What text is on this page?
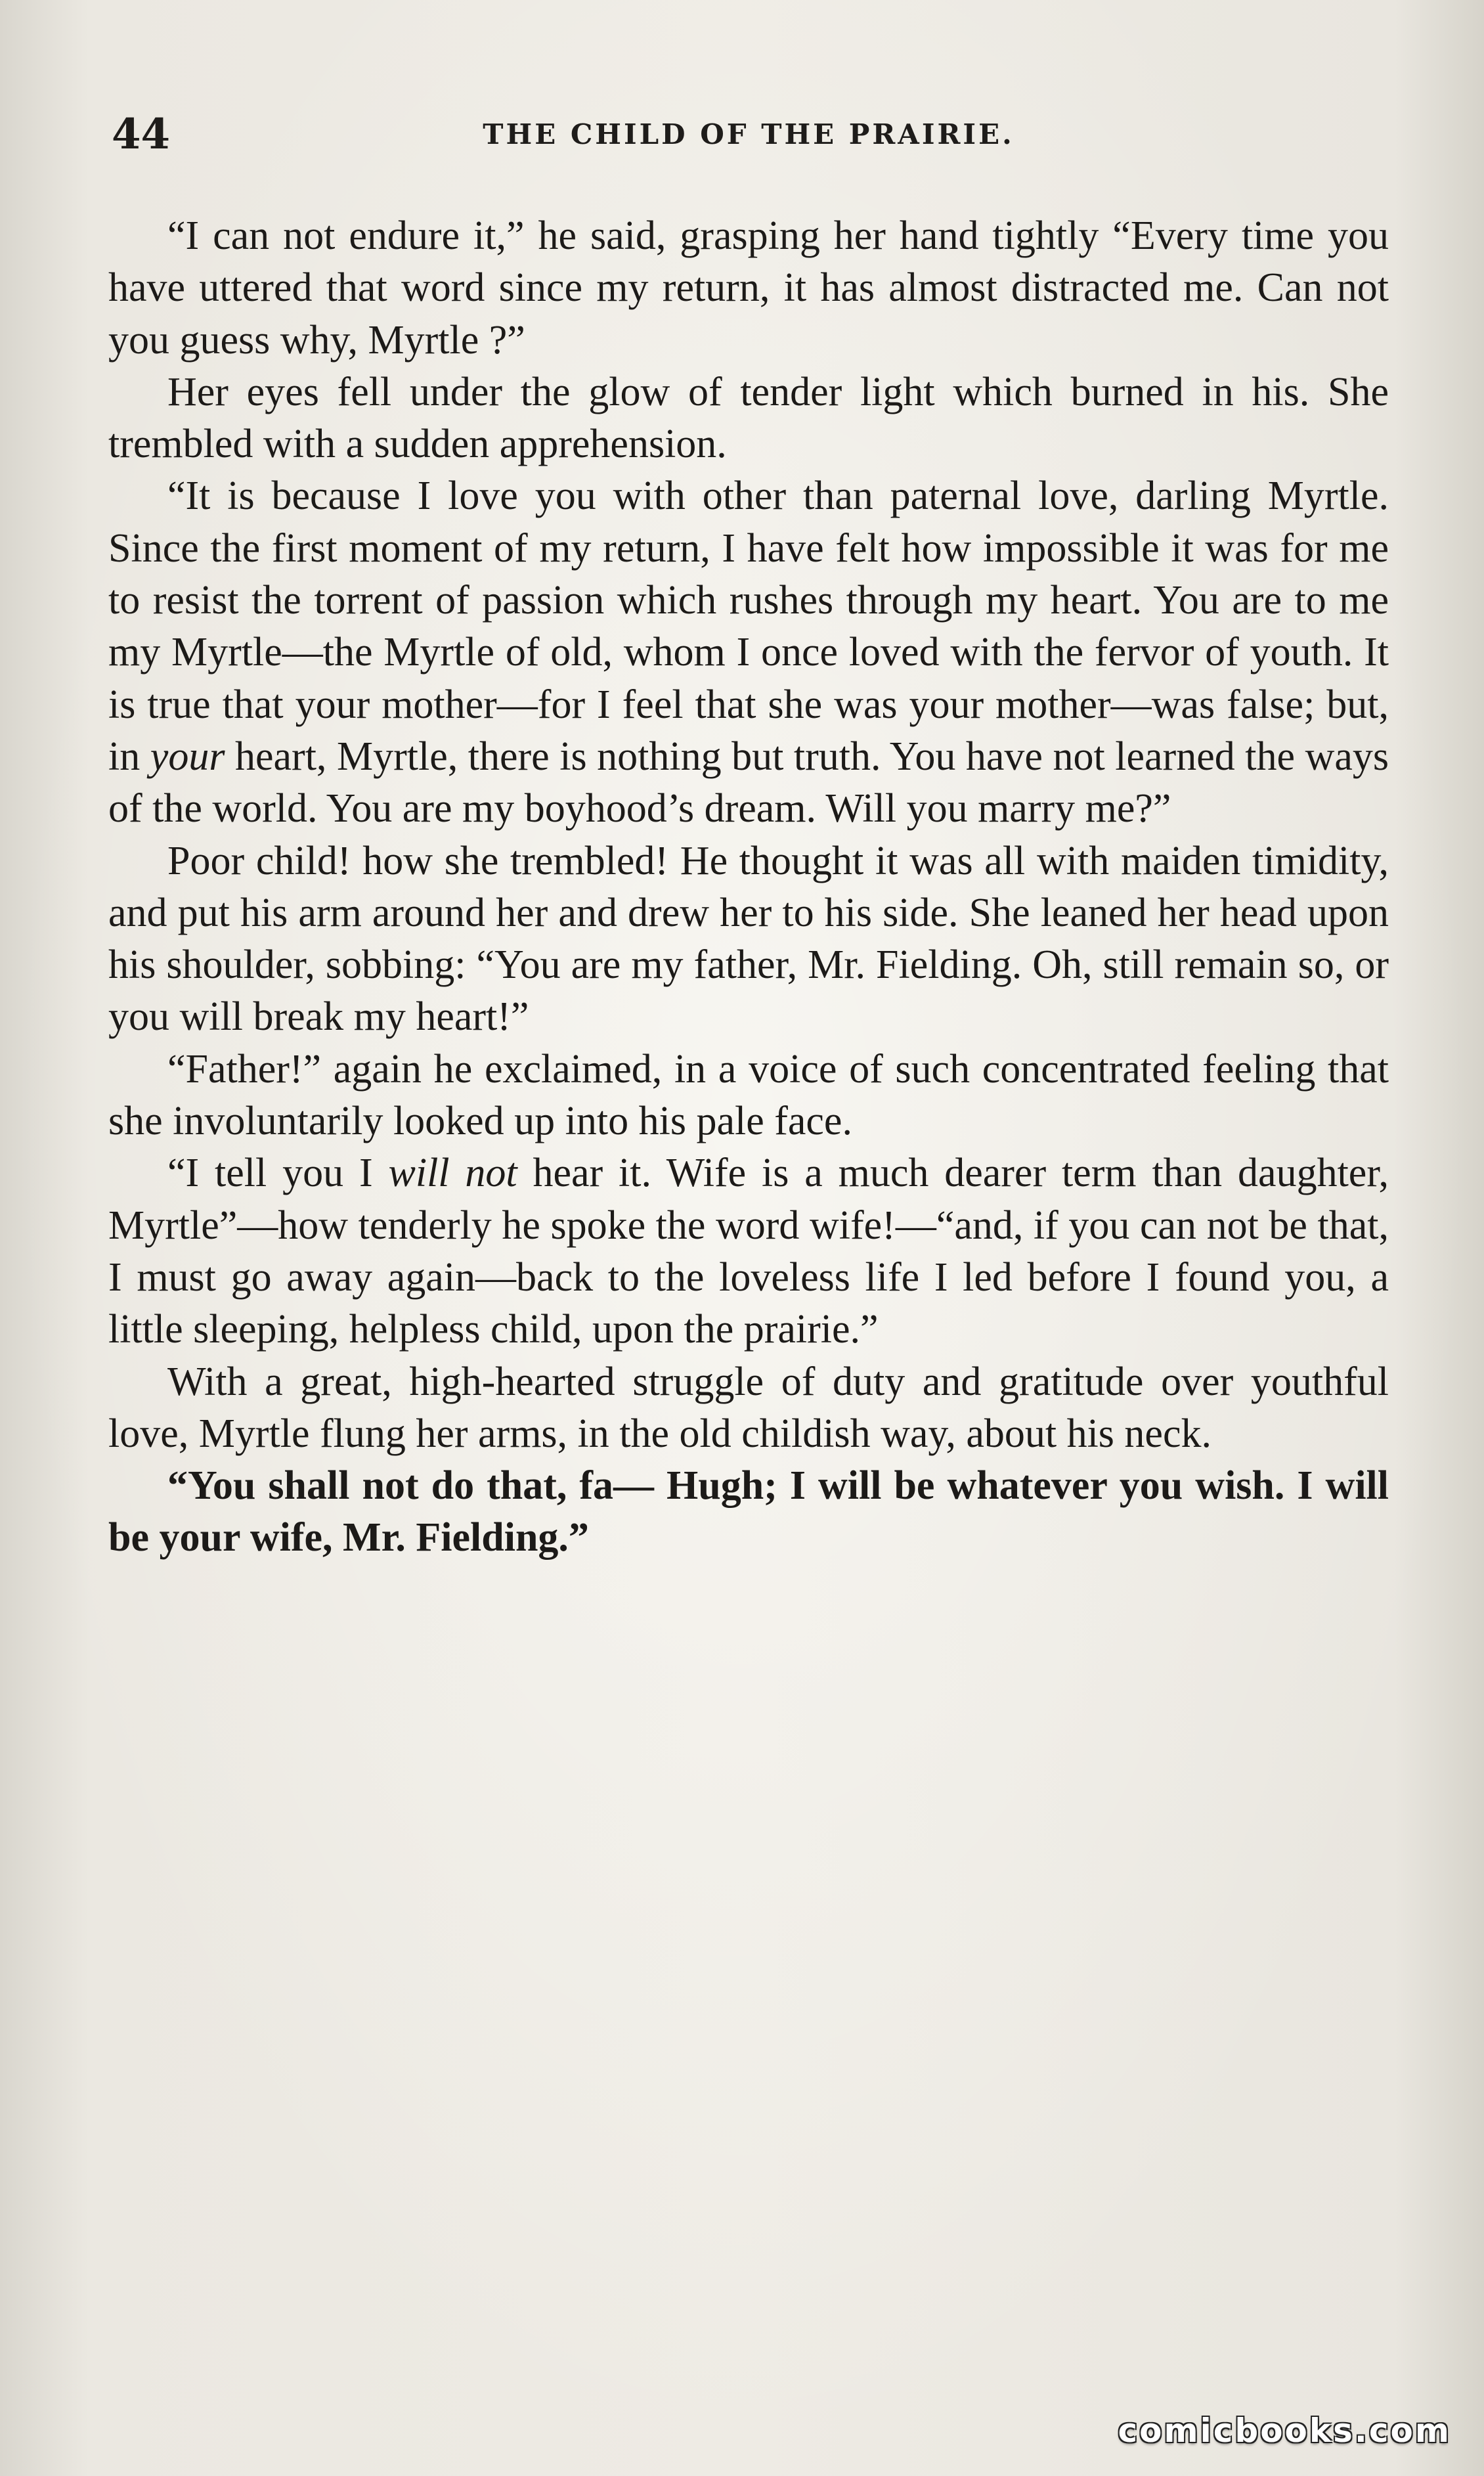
44	THE CHILD OF THE PRAIRIE.

“I can not endure it,” he said, grasping her hand tightly “Every time you have uttered that word since my return, it has almost distracted me. Can not you guess why, Myrtle ?”

Her eyes fell under the glow of tender light which burned in his. She trembled with a sudden apprehension.

“It is because I love you with other than paternal love, darling Myrtle. Since the first moment of my return, I have felt how impossible it was for me to resist the torrent of passion which rushes through my heart. You are to me my Myrtle—the Myrtle of old, whom I once loved with the fervor of youth. It is true that your mother—for I feel that she was your mother—was false; but, in your heart, Myrtle, there is nothing but truth. You have not learned the ways of the world. You are my boyhood’s dream. Will you marry me?”

Poor child! how she trembled! He thought it was all with maiden timidity, and put his arm around her and drew her to his side. She leaned her head upon his shoulder, sobbing: “You are my father, Mr. Fielding. Oh, still remain so, or you will break my heart!”

“Father!” again he exclaimed, in a voice of such concentrated feeling that she involuntarily looked up into his pale face.

“I tell you I will not hear it. Wife is a much dearer term than daughter, Myrtle”—how tenderly he spoke the word wife!—“and, if you can not be that, I must go away again—back to the loveless life I led before I found you, a little sleeping, helpless child, upon the prairie.”

With a great, high-hearted struggle of duty and gratitude over youthful love, Myrtle flung her arms, in the old childish way, about his neck.

“You shall not do that, fa— Hugh; I will be whatever you wish. I will be your wife, Mr. Fielding.”

comicbooks.com
